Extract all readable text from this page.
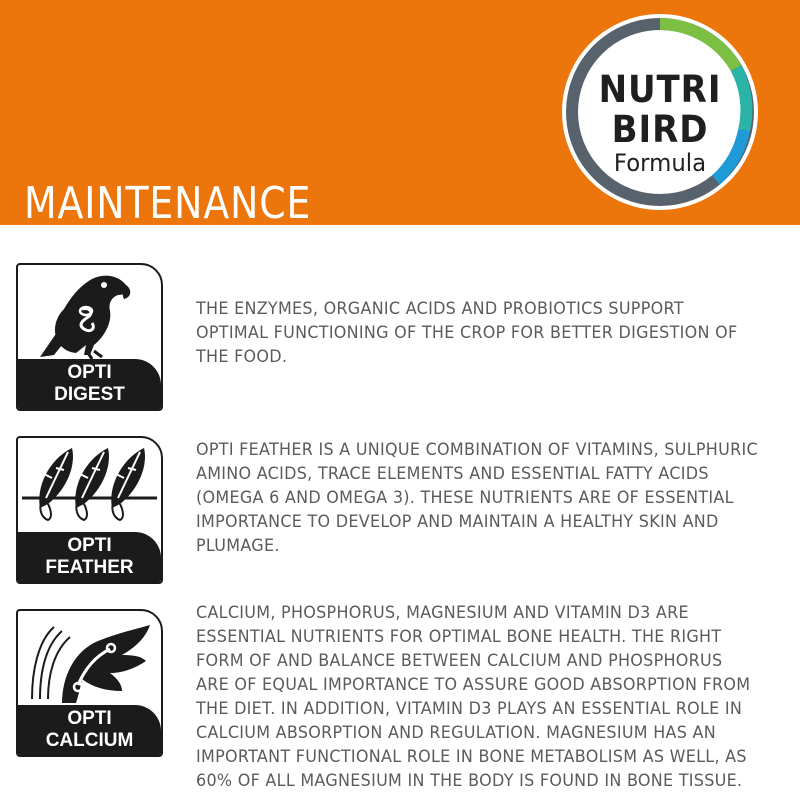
MAINTENANCE
NUTRI
BIRD
Formula
OPTI
DIGEST

THE ENZYMES, ORGANIC ACIDS AND PROBIOTICS SUPPORT OPTIMAL FUNCTIONING OF THE CROP FOR BETTER DIGESTION OF THE FOOD.

OPTI
FEATHER

OPTI FEATHER IS A UNIQUE COMBINATION OF VITAMINS, SULPHURIC AMINO ACIDS, TRACE ELEMENTS AND ESSENTIAL FATTY ACIDS (OMEGA 6 AND OMEGA 3). THESE NUTRIENTS ARE OF ESSENTIAL IMPORTANCE TO DEVELOP AND MAINTAIN A HEALTHY SKIN AND PLUMAGE.

OPTI
CALCIUM

CALCIUM, PHOSPHORUS, MAGNESIUM AND VITAMIN D3 ARE ESSENTIAL NUTRIENTS FOR OPTIMAL BONE HEALTH. THE RIGHT FORM OF AND BALANCE BETWEEN CALCIUM AND PHOSPHORUS ARE OF EQUAL IMPORTANCE TO ASSURE GOOD ABSORPTION FROM THE DIET. IN ADDITION, VITAMIN D3 PLAYS AN ESSENTIAL ROLE IN CALCIUM ABSORPTION AND REGULATION. MAGNESIUM HAS AN IMPORTANT FUNCTIONAL ROLE IN BONE METABOLISM AS WELL, AS 60% OF ALL MAGNESIUM IN THE BODY IS FOUND IN BONE TISSUE.
